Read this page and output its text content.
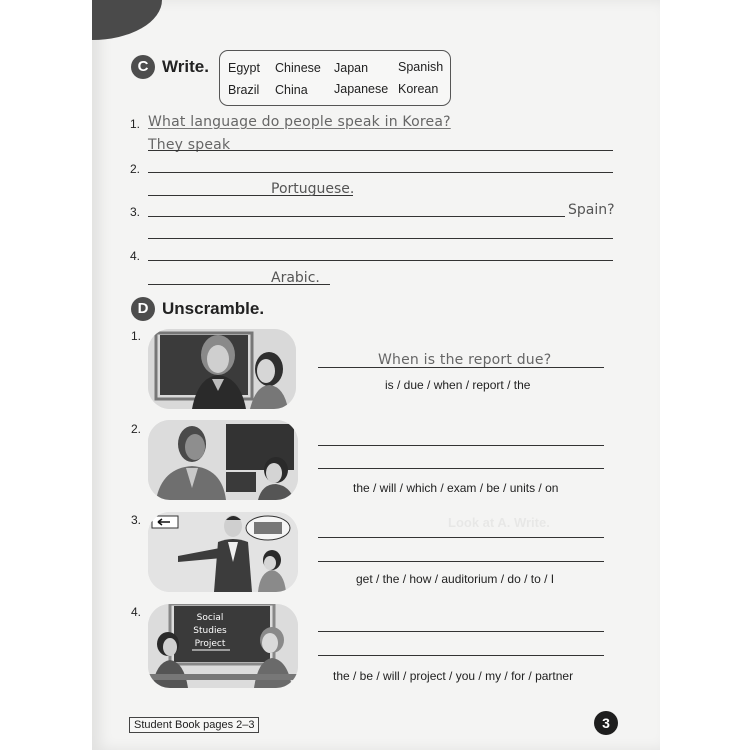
Look at A. Write.
C Write. Egypt Chinese Japan Spanish
Brazil China Japanese Korean
1. What language do people speak in Korea?
They speak
2.
Portuguese.
3.	Spain?
4.
Arabic.
D Unscramble.
1.
When is the report due?
is / due / when / report / the
2.
the / will / which / exam / be / units / on
3.
get / the / how / auditorium / do / to / I
4.	Social
Studies
Project
the / be / will / project / you / my / for / partner
Student Book pages 2–3	3
